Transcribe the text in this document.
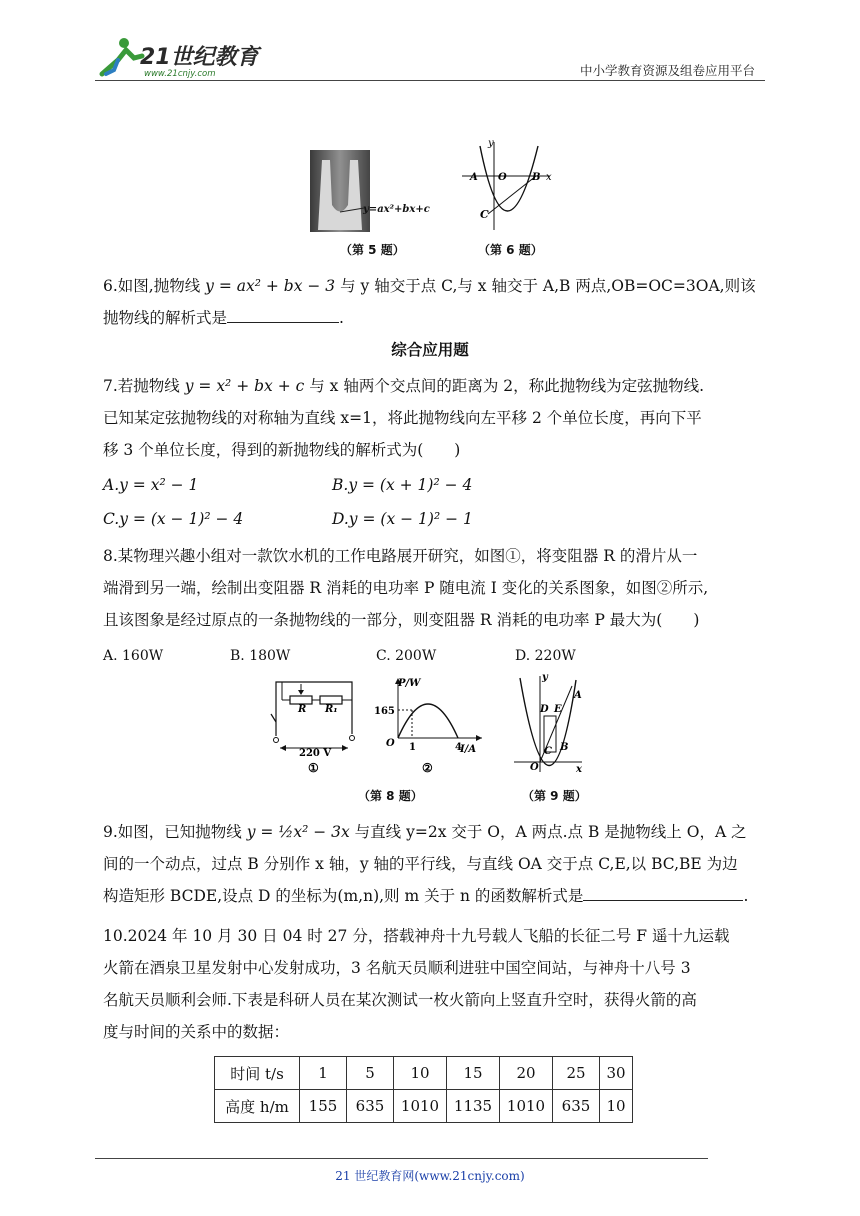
21世纪教育
www.21cnjy.com	中小学教育资源及组卷应用平台
y=ax²+bx+c
（第 5 题）
y
x
A O	B
C
（第 6 题）
6.如图,抛物线 y = ax² + bx − 3 与 y 轴交于点 C,与 x 轴交于 A,B 两点,OB=OC=3OA,则该
抛物线的解析式是	.
综合应用题
7.若抛物线 y = x² + bx + c 与 x 轴两个交点间的距离为 2，称此抛物线为定弦抛物线.
已知某定弦抛物线的对称轴为直线 x=1，将此抛物线向左平移 2 个单位长度，再向下平
移 3 个单位长度，得到的新抛物线的解析式为(　　)
A.y = x² − 1	B.y = (x + 1)² − 4
C.y = (x − 1)² − 4	D.y = (x − 1)² − 1
8.某物理兴趣小组对一款饮水机的工作电路展开研究，如图①，将变阻器 R 的滑片从一
端滑到另一端，绘制出变阻器 R 消耗的电功率 P 随电流 I 变化的关系图象，如图②所示,
且该图象是经过原点的一条抛物线的一部分，则变阻器 R 消耗的电功率 P 最大为(　　)
A. 160W	B. 180W	C. 200W	D. 220W
R R₁
220 V
①
P/W
I/A
165
O 1	4
②
（第 8 题）
y
x
O
A
B
C
D E
（第 9 题）
9.如图，已知抛物线 y = ½x² − 3x 与直线 y=2x 交于 O，A 两点.点 B 是抛物线上 O，A 之
间的一个动点，过点 B 分别作 x 轴，y 轴的平行线，与直线 OA 交于点 C,E,以 BC,BE 为边
构造矩形 BCDE,设点 D 的坐标为(m,n),则 m 关于 n 的函数解析式是	.
10.2024 年 10 月 30 日 04 时 27 分，搭载神舟十九号载人飞船的长征二号 F 遥十九运载
火箭在酒泉卫星发射中心发射成功，3 名航天员顺利进驻中国空间站，与神舟十八号 3
名航天员顺利会师.下表是科研人员在某次测试一枚火箭向上竖直升空时，获得火箭的高
度与时间的关系中的数据：
时间 t/s	1	5	10	15	20	25	30
高度 h/m	155	635	1010	1135	1010	635	10
21 世纪教育网(www.21cnjy.com)
